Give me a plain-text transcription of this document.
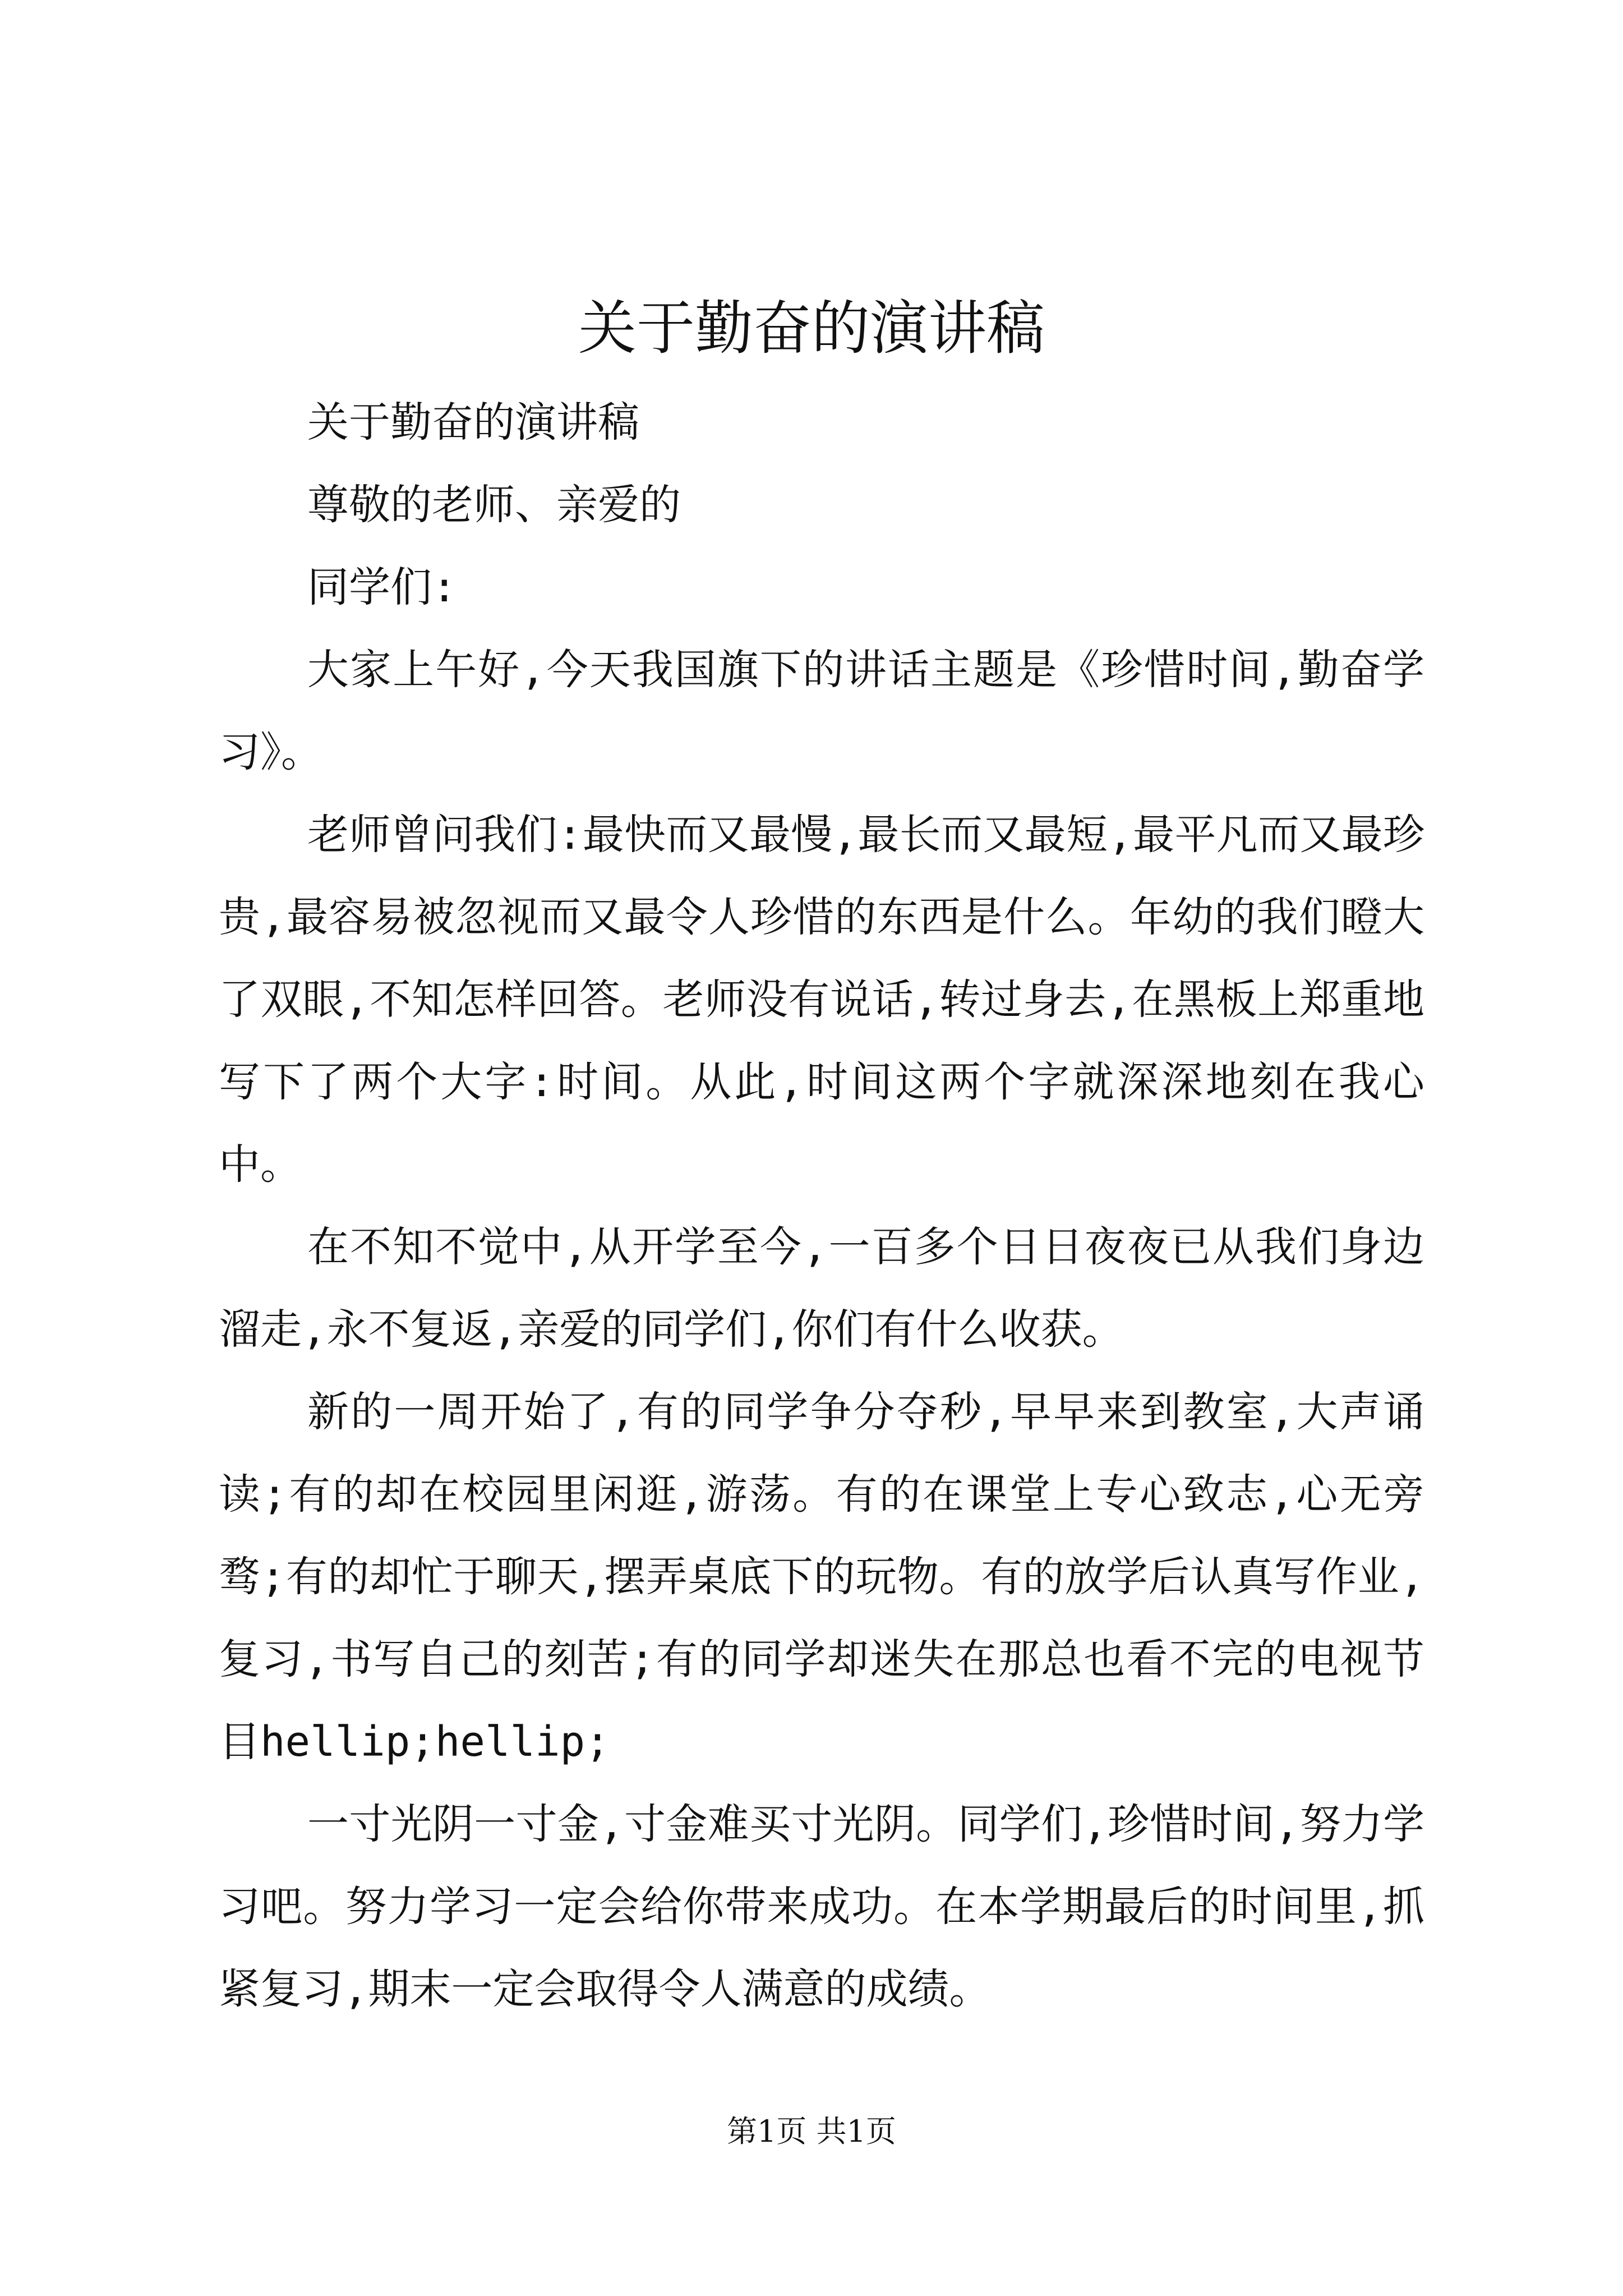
关于勤奋的演讲稿

关于勤奋的演讲稿

尊敬的老师、亲爱的

同学们:

大家上午好,今天我国旗下的讲话主题是《珍惜时间,勤奋学习》。

老师曾问我们:最快而又最慢,最长而又最短,最平凡而又最珍贵,最容易被忽视而又最令人珍惜的东西是什么。年幼的我们瞪大了双眼,不知怎样回答。老师没有说话,转过身去,在黑板上郑重地写下了两个大字:时间。从此,时间这两个字就深深地刻在我心中。

在不知不觉中,从开学至今,一百多个日日夜夜已从我们身边溜走,永不复返,亲爱的同学们,你们有什么收获。

新的一周开始了,有的同学争分夺秒,早早来到教室,大声诵读;有的却在校园里闲逛,游荡。有的在课堂上专心致志,心无旁骛;有的却忙于聊天,摆弄桌底下的玩物。有的放学后认真写作业,复习,书写自己的刻苦;有的同学却迷失在那总也看不完的电视节目hellip;hellip;

一寸光阴一寸金,寸金难买寸光阴。同学们,珍惜时间,努力学习吧。努力学习一定会给你带来成功。在本学期最后的时间里,抓紧复习,期末一定会取得令人满意的成绩。

第1页 共1页
